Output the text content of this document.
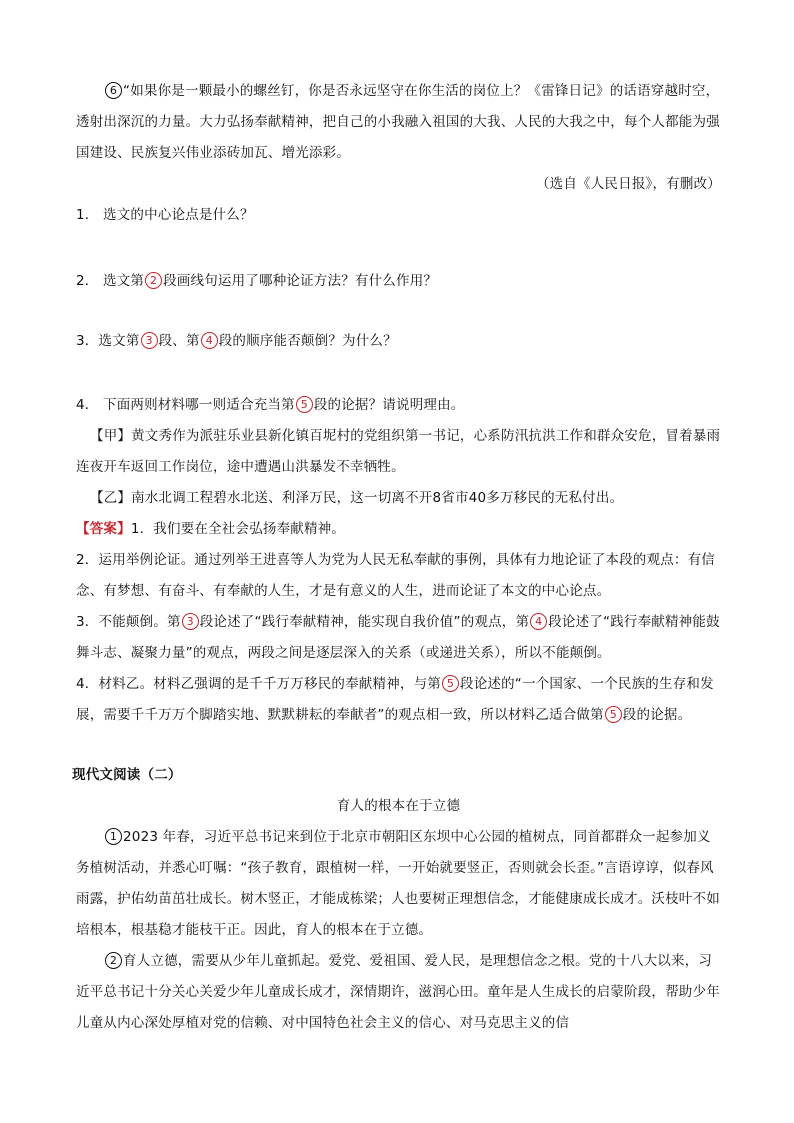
6 “如果你是一颗最小的螺丝钉，你是否永远坚守在你生活的岗位上？《雷锋日记》的话语穿越时空，透射出深沉的力量。大力弘扬奉献精神，把自己的小我融入祖国的大我、人民的大我之中，每个人都能为强国建设、民族复兴伟业添砖加瓦、增光添彩。

（选自《人民日报》，有删改）

1． 选文的中心论点是什么？

2． 选文第 2 段画线句运用了哪种论证方法？有什么作用？

3．选文第 3 段、第 4 段的顺序能否颠倒？为什么？

4． 下面两则材料哪一则适合充当第 5 段的论据？请说明理由。

【甲】黄文秀作为派驻乐业县新化镇百坭村的党组织第一书记，心系防汛抗洪工作和群众安危，冒着暴雨连夜开车返回工作岗位，途中遭遇山洪暴发不幸牺牲。

【乙】南水北调工程碧水北送、利泽万民，这一切离不开8省市40多万移民的无私付出。

【答案】1．我们要在全社会弘扬奉献精神。

2．运用举例论证。通过列举王进喜等人为党为人民无私奉献的事例，具体有力地论证了本段的观点：有信念、有梦想、有奋斗、有奉献的人生，才是有意义的人生，进而论证了本文的中心论点。

3．不能颠倒。第 3 段论述了“践行奉献精神，能实现自我价值”的观点，第 4 段论述了“践行奉献精神能鼓舞斗志、凝聚力量”的观点，两段之间是逐层深入的关系（或递进关系），所以不能颠倒。

4．材料乙。材料乙强调的是千千万万移民的奉献精神，与第 5 段论述的“一个国家、一个民族的生存和发展，需要千千万万个脚踏实地、默默耕耘的奉献者”的观点相一致，所以材料乙适合做第 5 段的论据。

现代文阅读（二）

育人的根本在于立德

1 2023 年春，习近平总书记来到位于北京市朝阳区东坝中心公园的植树点，同首都群众一起参加义务植树活动，并悉心叮嘱：“孩子教育，跟植树一样，一开始就要竖正，否则就会长歪。”言语谆谆，似春风雨露，护佑幼苗茁壮成长。树木竖正，才能成栋梁；人也要树正理想信念，才能健康成长成才。沃枝叶不如培根本，根基稳才能枝干正。因此，育人的根本在于立德。

2 育人立德，需要从少年儿童抓起。爱党、爱祖国、爱人民，是理想信念之根。党的十八大以来，习近平总书记十分关心关爱少年儿童成长成才，深情期许，滋润心田。童年是人生成长的启蒙阶段，帮助少年儿童从内心深处厚植对党的信赖、对中国特色社会主义的信心、对马克思主义的信
